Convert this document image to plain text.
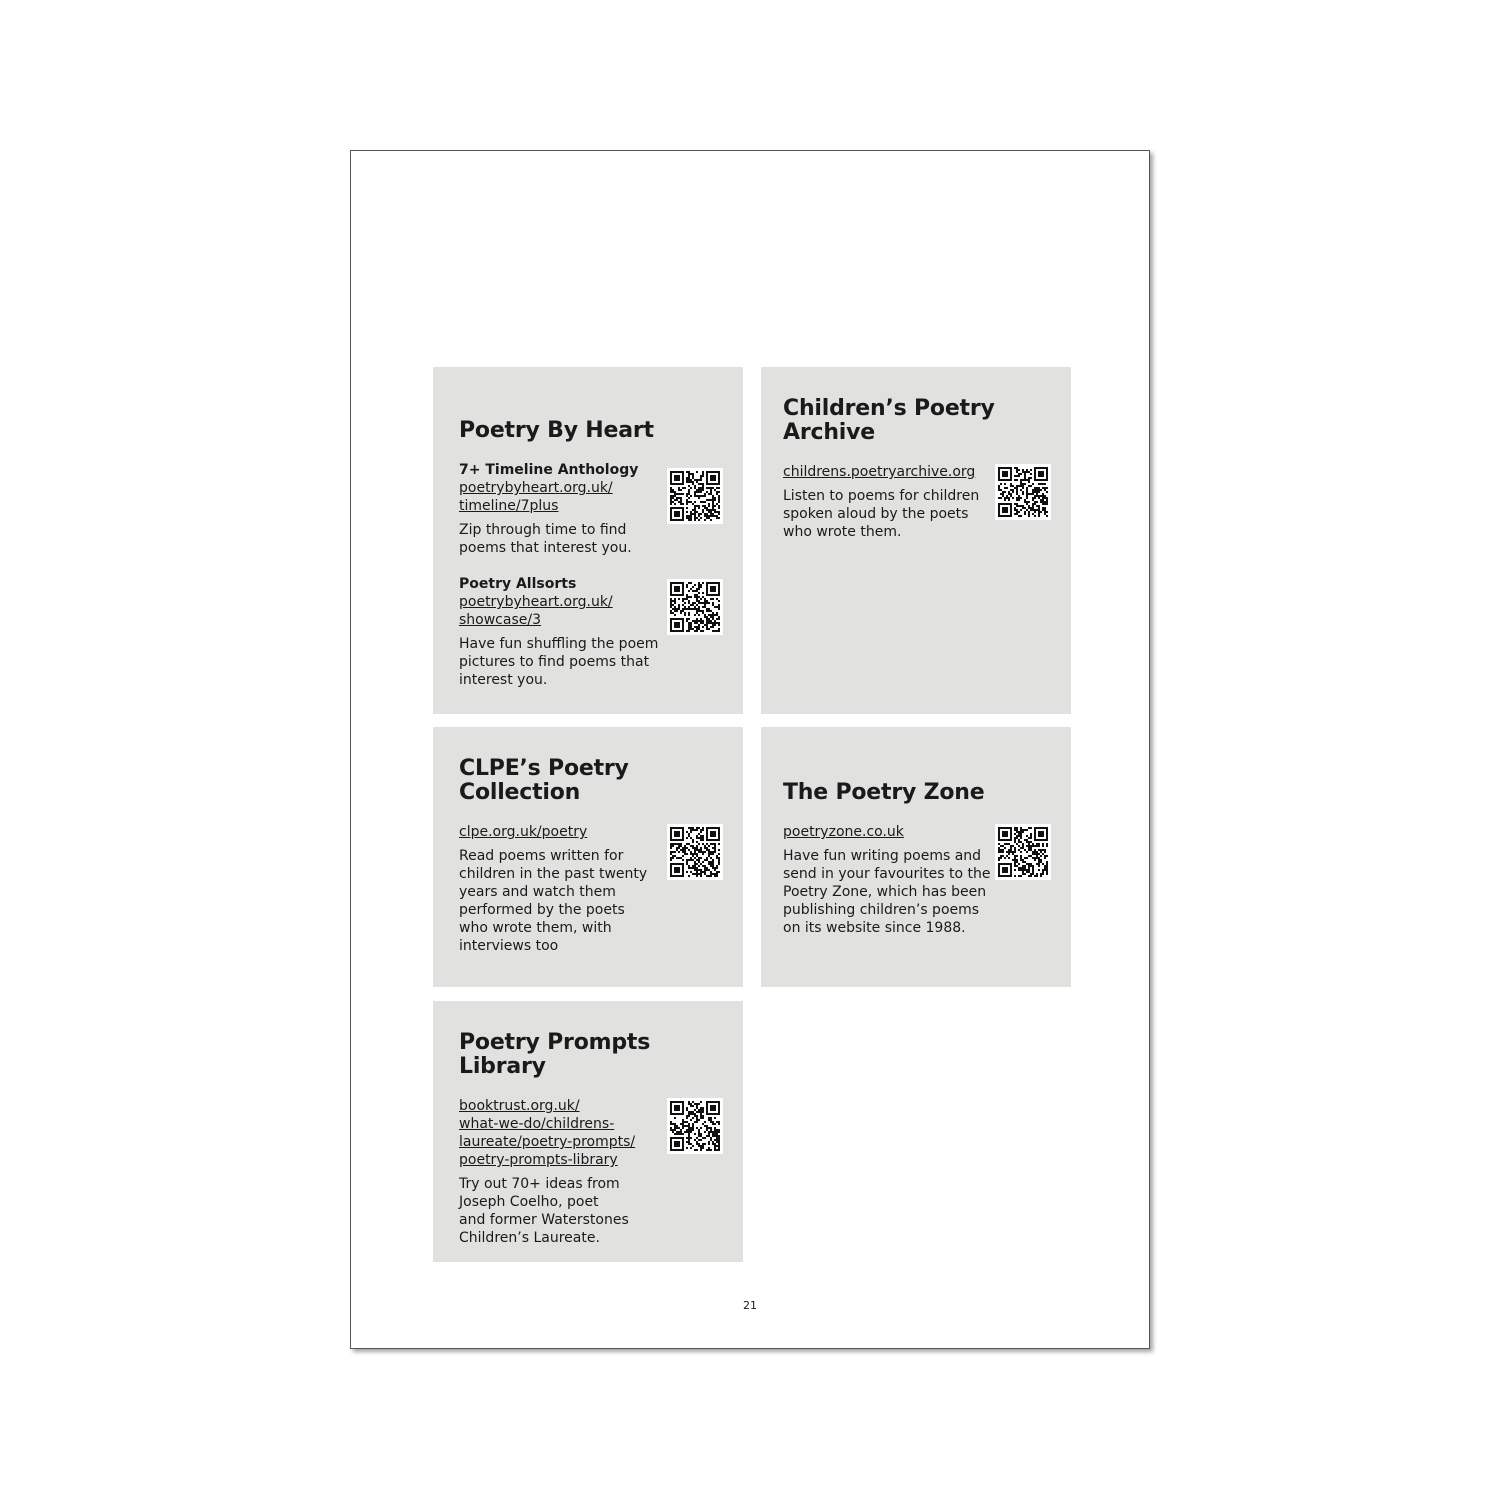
Poetry By Heart
7+ Timeline Anthology
poetrybyheart.org.uk/
timeline/7plus
Zip through time to find
poems that interest you.
Poetry Allsorts
poetrybyheart.org.uk/
showcase/3
Have fun shuffling the poem
pictures to find poems that
interest you.
Children’s Poetry
Archive
childrens.poetryarchive.org
Listen to poems for children
spoken aloud by the poets
who wrote them.
CLPE’s Poetry
Collection
clpe.org.uk/poetry
Read poems written for
children in the past twenty
years and watch them
performed by the poets
who wrote them, with
interviews too
The Poetry Zone
poetryzone.co.uk
Have fun writing poems and
send in your favourites to the
Poetry Zone, which has been
publishing children’s poems
on its website since 1988.
Poetry Prompts
Library
booktrust.org.uk/
what-we-do/childrens-
laureate/poetry-prompts/
poetry-prompts-library
Try out 70+ ideas from
Joseph Coelho, poet
and former Waterstones
Children’s Laureate.
21
